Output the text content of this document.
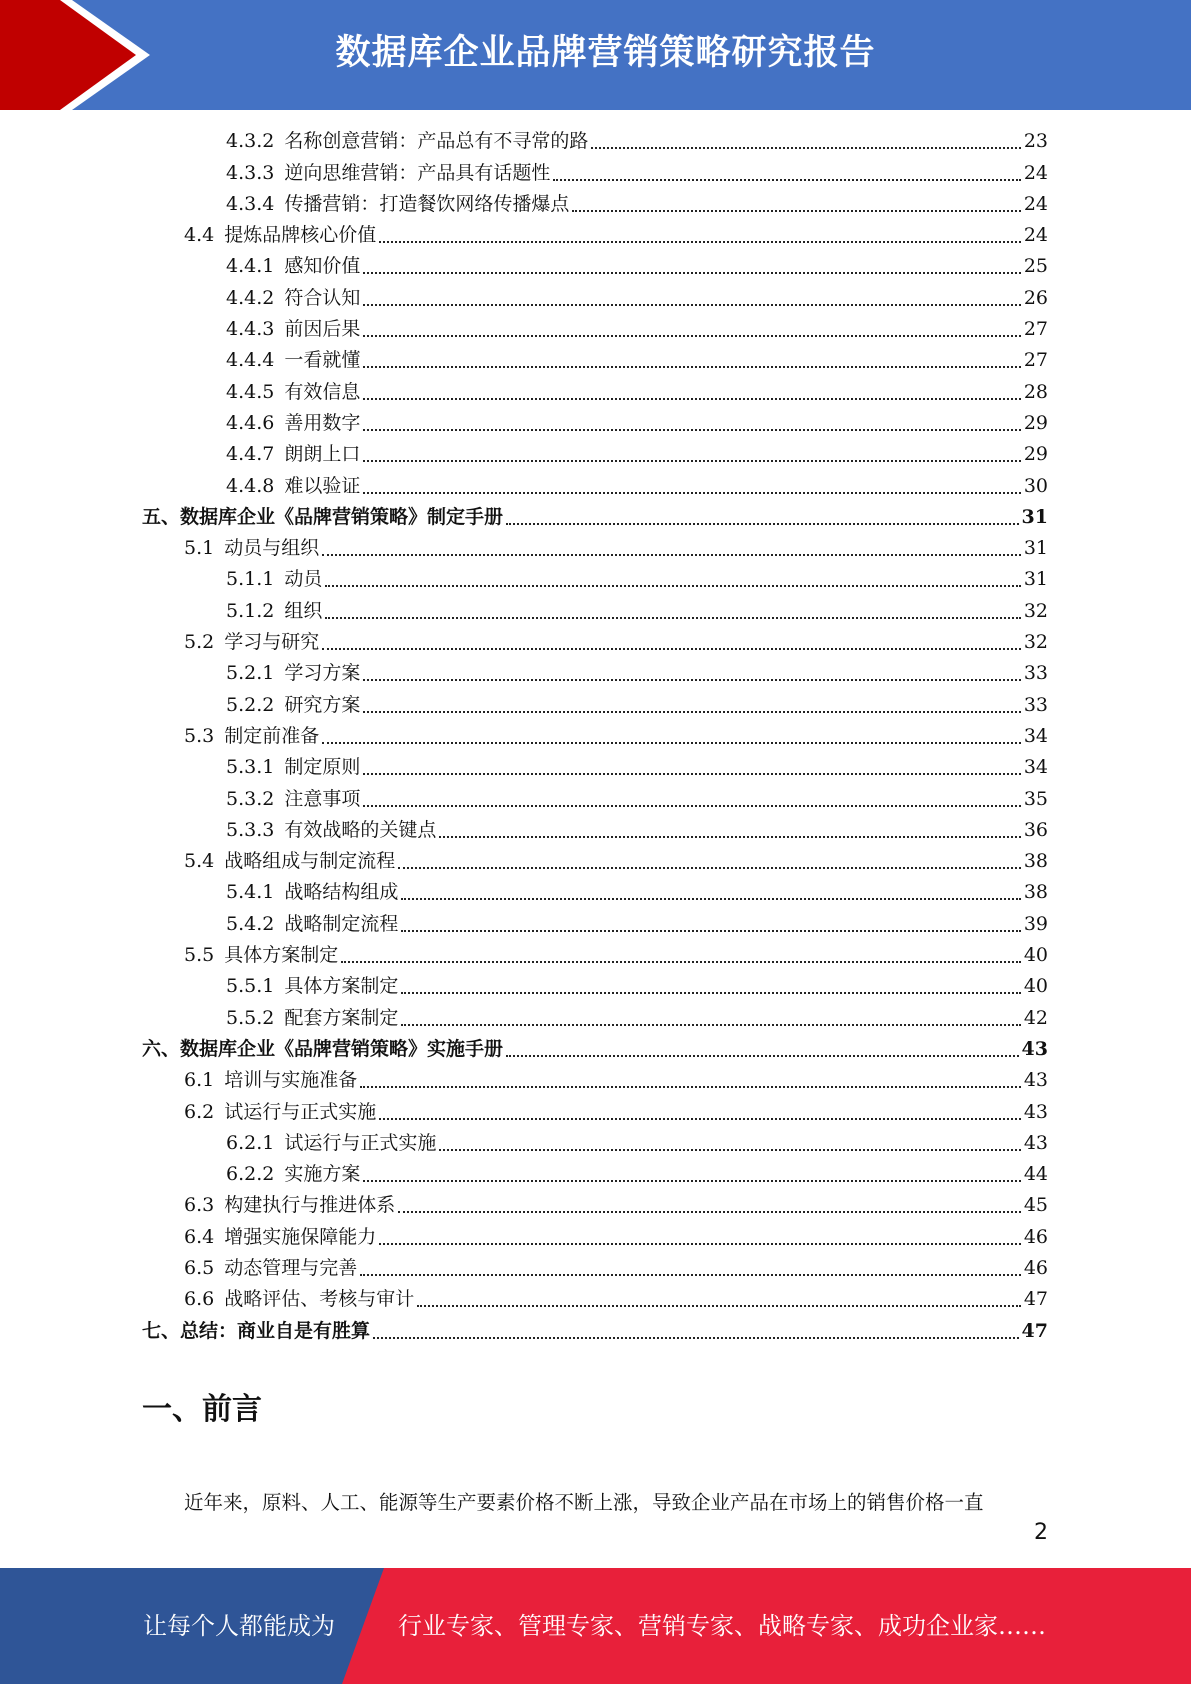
数据库企业品牌营销策略研究报告
4.3.2 名称创意营销：产品总有不寻常的路	23
4.3.3 逆向思维营销：产品具有话题性	24
4.3.4 传播营销：打造餐饮网络传播爆点	24
4.4 提炼品牌核心价值	24
4.4.1 感知价值	25
4.4.2 符合认知	26
4.4.3 前因后果	27
4.4.4 一看就懂	27
4.4.5 有效信息	28
4.4.6 善用数字	29
4.4.7 朗朗上口	29
4.4.8 难以验证	30
五、数据库企业《品牌营销策略》制定手册	31
5.1 动员与组织	31
5.1.1 动员	31
5.1.2 组织	32
5.2 学习与研究	32
5.2.1 学习方案	33
5.2.2 研究方案	33
5.3 制定前准备	34
5.3.1 制定原则	34
5.3.2 注意事项	35
5.3.3 有效战略的关键点	36
5.4 战略组成与制定流程	38
5.4.1 战略结构组成	38
5.4.2 战略制定流程	39
5.5 具体方案制定	40
5.5.1 具体方案制定	40
5.5.2 配套方案制定	42
六、数据库企业《品牌营销策略》实施手册	43
6.1 培训与实施准备	43
6.2 试运行与正式实施	43
6.2.1 试运行与正式实施	43
6.2.2 实施方案	44
6.3 构建执行与推进体系	45
6.4 增强实施保障能力	46
6.5 动态管理与完善	46
6.6 战略评估、考核与审计	47
七、总结：商业自是有胜算	47
一、前言
近年来，原料、人工、能源等生产要素价格不断上涨，导致企业产品在市场上的销售价格一直
2
让每个人都能成为	行业专家、管理专家、营销专家、战略专家、成功企业家……
